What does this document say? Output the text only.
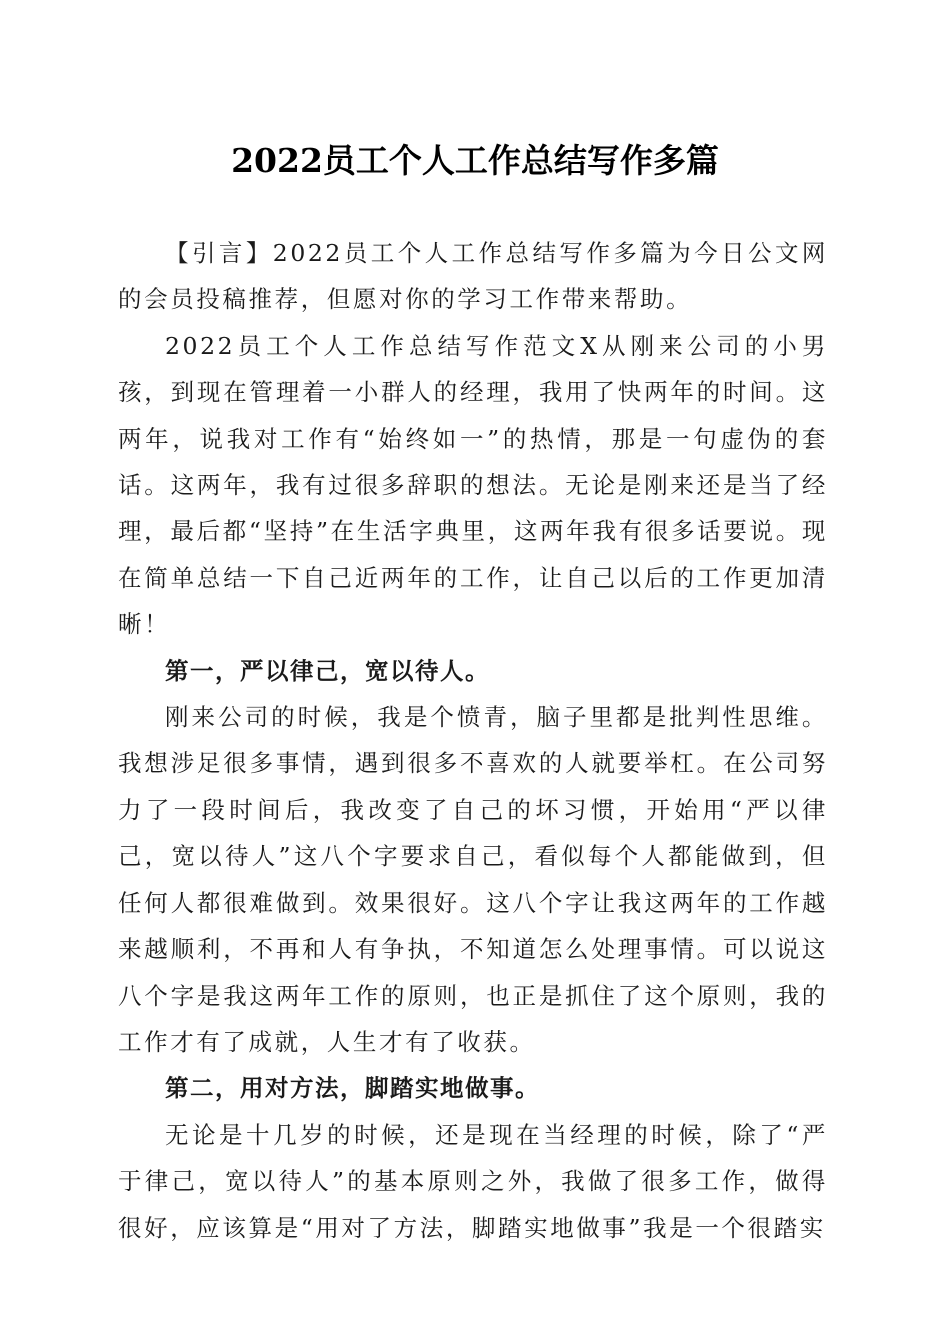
2022员工个人工作总结写作多篇

【引言】2022员工个人工作总结写作多篇为今日公文网的会员投稿推荐，但愿对你的学习工作带来帮助。

2022员工个人工作总结写作范文X从刚来公司的小男孩，到现在管理着一小群人的经理，我用了快两年的时间。这两年，说我对工作有“始终如一”的热情，那是一句虚伪的套话。这两年，我有过很多辞职的想法。无论是刚来还是当了经理，最后都“坚持”在生活字典里，这两年我有很多话要说。现在简单总结一下自己近两年的工作，让自己以后的工作更加清晰！

第一，严以律己，宽以待人。

刚来公司的时候，我是个愤青，脑子里都是批判性思维。我想涉足很多事情，遇到很多不喜欢的人就要举杠。在公司努力了一段时间后，我改变了自己的坏习惯，开始用“严以律己，宽以待人”这八个字要求自己，看似每个人都能做到，但任何人都很难做到。效果很好。这八个字让我这两年的工作越来越顺利，不再和人有争执，不知道怎么处理事情。可以说这八个字是我这两年工作的原则，也正是抓住了这个原则，我的工作才有了成就，人生才有了收获。

第二，用对方法，脚踏实地做事。

无论是十几岁的时候，还是现在当经理的时候，除了“严于律己，宽以待人”的基本原则之外，我做了很多工作，做得很好，应该算是“用对了方法，脚踏实地做事”我是一个很踏实
